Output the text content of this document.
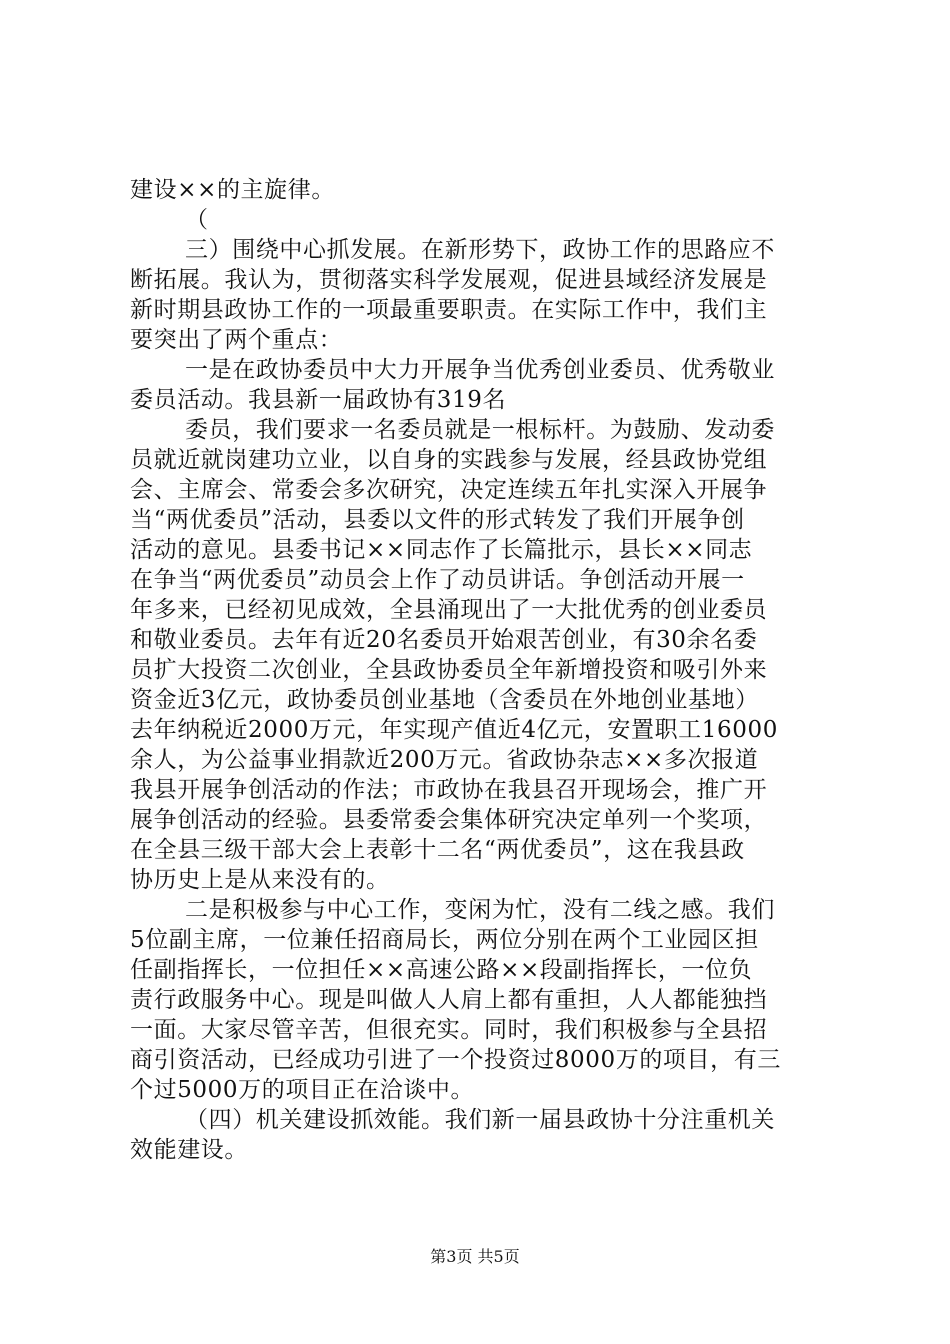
建设××的主旋律。
（
三）围绕中心抓发展。在新形势下，政协工作的思路应不
断拓展。我认为，贯彻落实科学发展观，促进县域经济发展是
新时期县政协工作的一项最重要职责。在实际工作中，我们主
要突出了两个重点：
一是在政协委员中大力开展争当优秀创业委员、优秀敬业
委员活动。我县新一届政协有319名
委员，我们要求一名委员就是一根标杆。为鼓励、发动委
员就近就岗建功立业，以自身的实践参与发展，经县政协党组
会、主席会、常委会多次研究，决定连续五年扎实深入开展争
当“两优委员”活动，县委以文件的形式转发了我们开展争创
活动的意见。县委书记××同志作了长篇批示，县长××同志
在争当“两优委员”动员会上作了动员讲话。争创活动开展一
年多来，已经初见成效，全县涌现出了一大批优秀的创业委员
和敬业委员。去年有近20名委员开始艰苦创业，有30余名委
员扩大投资二次创业，全县政协委员全年新增投资和吸引外来
资金近3亿元，政协委员创业基地（含委员在外地创业基地）
去年纳税近2000万元，年实现产值近4亿元，安置职工16000
余人，为公益事业捐款近200万元。省政协杂志××多次报道
我县开展争创活动的作法；市政协在我县召开现场会，推广开
展争创活动的经验。县委常委会集体研究决定单列一个奖项，
在全县三级干部大会上表彰十二名“两优委员”，这在我县政
协历史上是从来没有的。
二是积极参与中心工作，变闲为忙，没有二线之感。我们
5位副主席，一位兼任招商局长，两位分别在两个工业园区担
任副指挥长，一位担任××高速公路××段副指挥长，一位负
责行政服务中心。现是叫做人人肩上都有重担，人人都能独挡
一面。大家尽管辛苦，但很充实。同时，我们积极参与全县招
商引资活动，已经成功引进了一个投资过8000万的项目，有三
个过5000万的项目正在洽谈中。
（四）机关建设抓效能。我们新一届县政协十分注重机关
效能建设。
第3页 共5页
